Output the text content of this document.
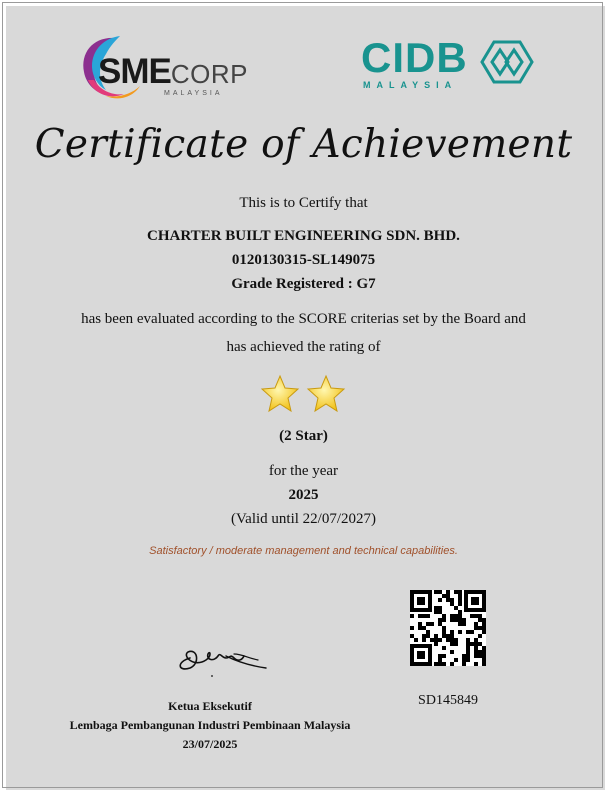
SMECORP
MALAYSIA
CIDB
MALAYSIA
Certificate of Achievement
This is to Certify that
CHARTER BUILT ENGINEERING SDN. BHD.
0120130315-SL149075
Grade Registered : G7
has been evaluated according to the SCORE criterias set by the Board and
has achieved the rating of
(2 Star)
for the year
2025
(Valid until 22/07/2027)
Satisfactory / moderate management and technical capabilities.
SD145849
Ketua Eksekutif
Lembaga Pembangunan Industri Pembinaan Malaysia
23/07/2025
